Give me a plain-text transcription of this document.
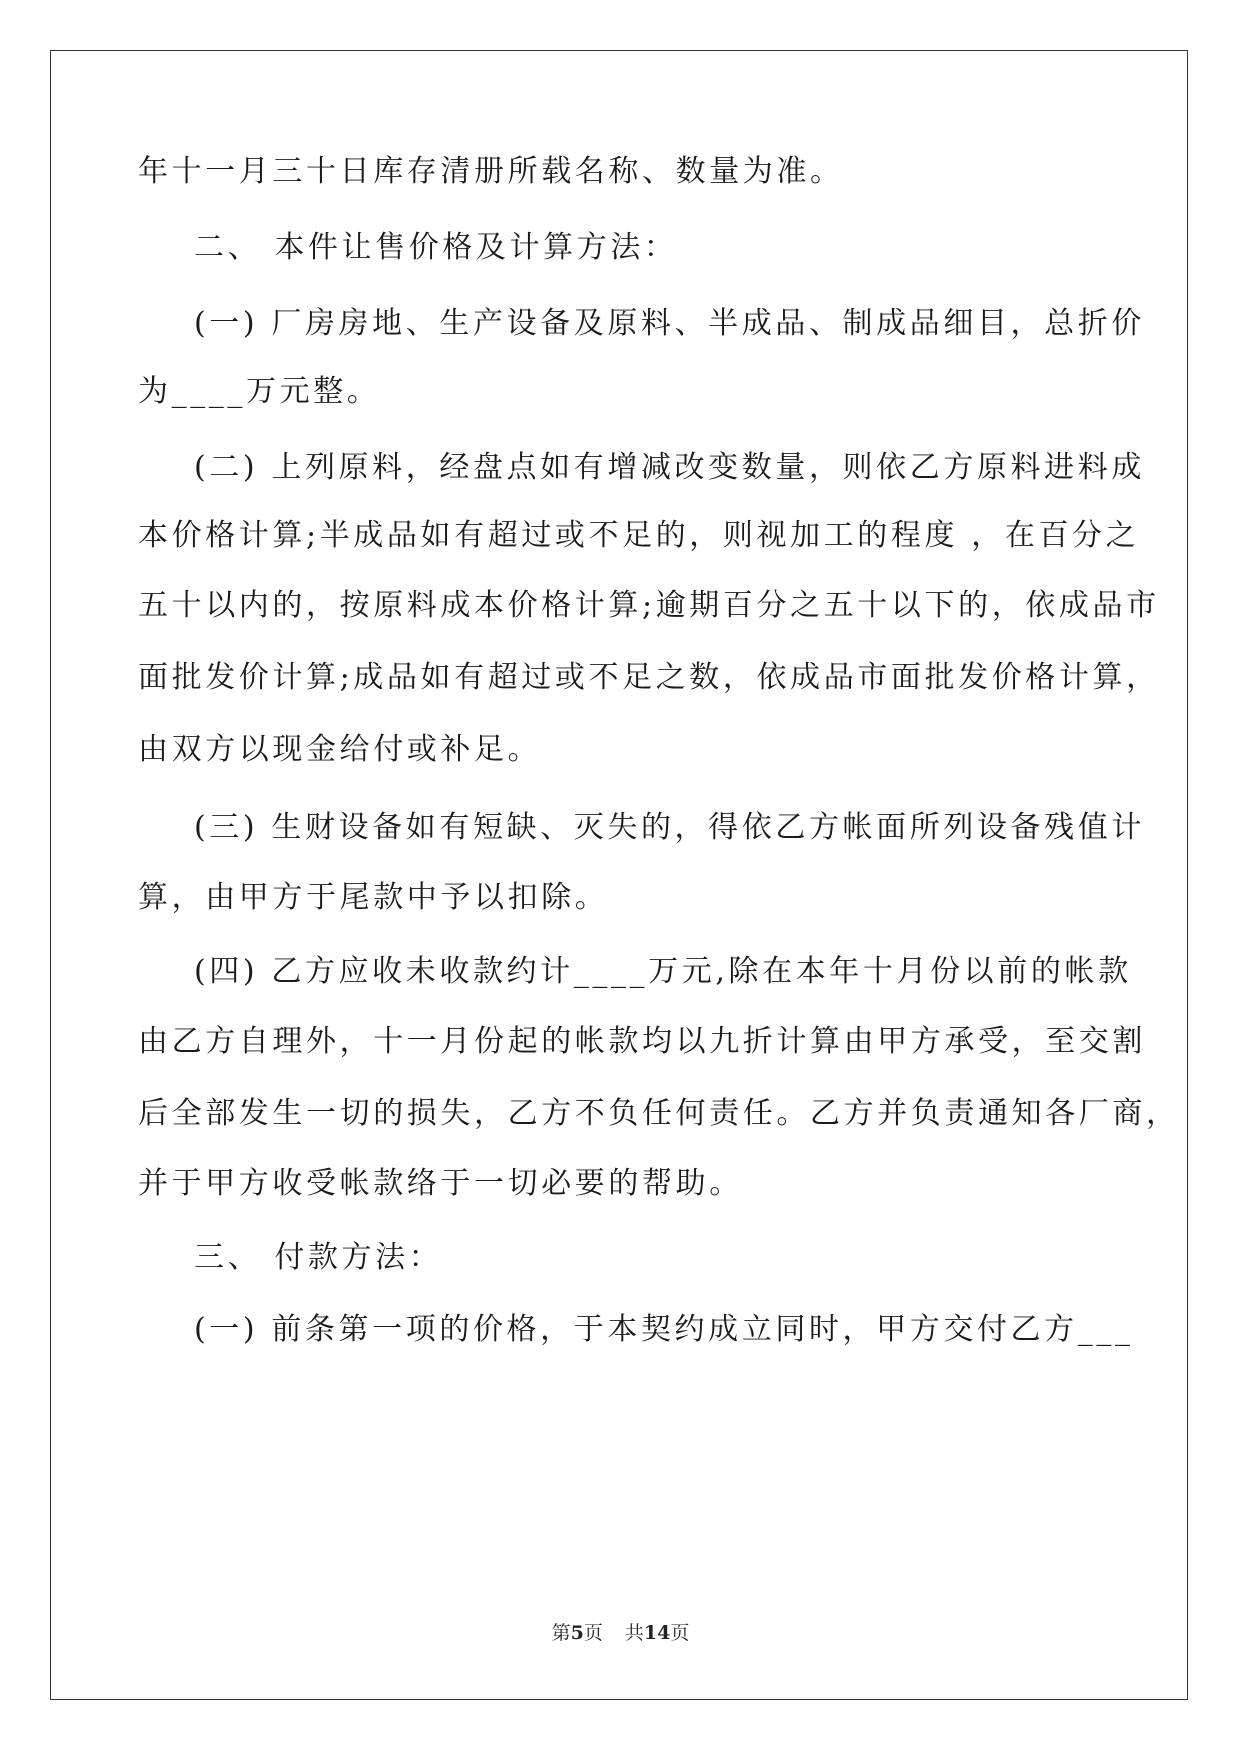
年十一月三十日库存清册所载名称、数量为准。
二、 本件让售价格及计算方法：
(一) 厂房房地、生产设备及原料、半成品、制成品细目，总折价
为____万元整。
(二) 上列原料，经盘点如有增减改变数量，则依乙方原料进料成
本价格计算;半成品如有超过或不足的，则视加工的程度 ，在百分之
五十以内的，按原料成本价格计算;逾期百分之五十以下的，依成品市
面批发价计算;成品如有超过或不足之数，依成品市面批发价格计算，
由双方以现金给付或补足。
(三) 生财设备如有短缺、灭失的，得依乙方帐面所列设备残值计
算，由甲方于尾款中予以扣除。
(四) 乙方应收未收款约计____万元,除在本年十月份以前的帐款
由乙方自理外，十一月份起的帐款均以九折计算由甲方承受，至交割
后全部发生一切的损失，乙方不负任何责任。乙方并负责通知各厂商，
并于甲方收受帐款络于一切必要的帮助。
三、 付款方法：
(一) 前条第一项的价格，于本契约成立同时，甲方交付乙方___
第5页 共14页
